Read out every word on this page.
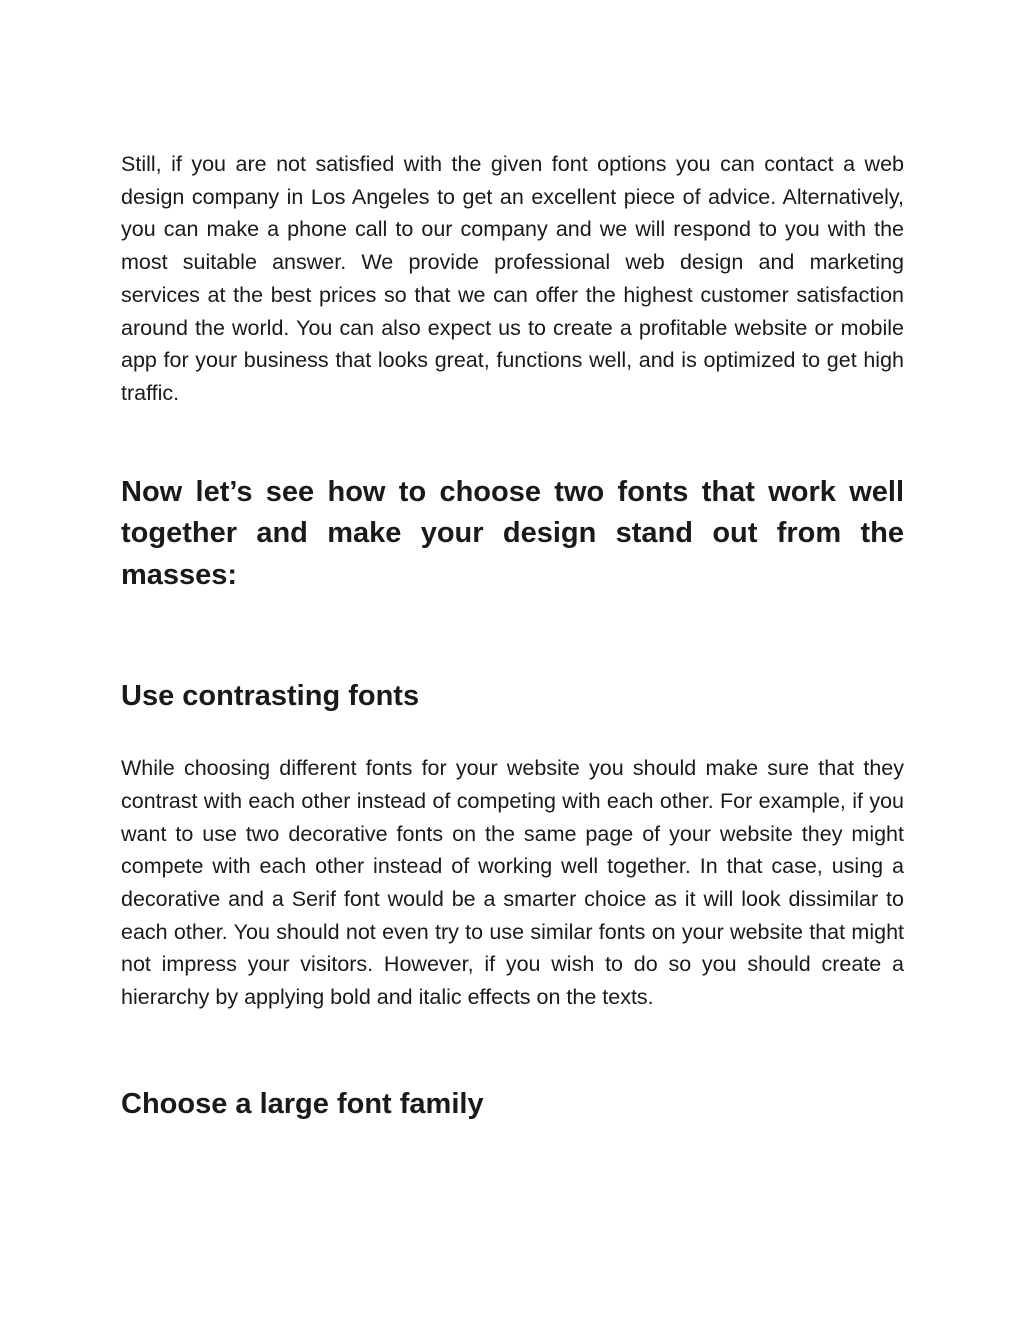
Still, if you are not satisfied with the given font options you can contact a web design company in Los Angeles to get an excellent piece of advice. Alternatively, you can make a phone call to our company and we will respond to you with the most suitable answer. We provide professional web design and marketing services at the best prices so that we can offer the highest customer satisfaction around the world. You can also expect us to create a profitable website or mobile app for your business that looks great, functions well, and is optimized to get high traffic.

Now let’s see how to choose two fonts that work well together and make your design stand out from the masses:
Use contrasting fonts

While choosing different fonts for your website you should make sure that they contrast with each other instead of competing with each other. For example, if you want to use two decorative fonts on the same page of your website they might compete with each other instead of working well together. In that case, using a decorative and a Serif font would be a smarter choice as it will look dissimilar to each other. You should not even try to use similar fonts on your website that might not impress your visitors. However, if you wish to do so you should create a hierarchy by applying bold and italic effects on the texts.

Choose a large font family
